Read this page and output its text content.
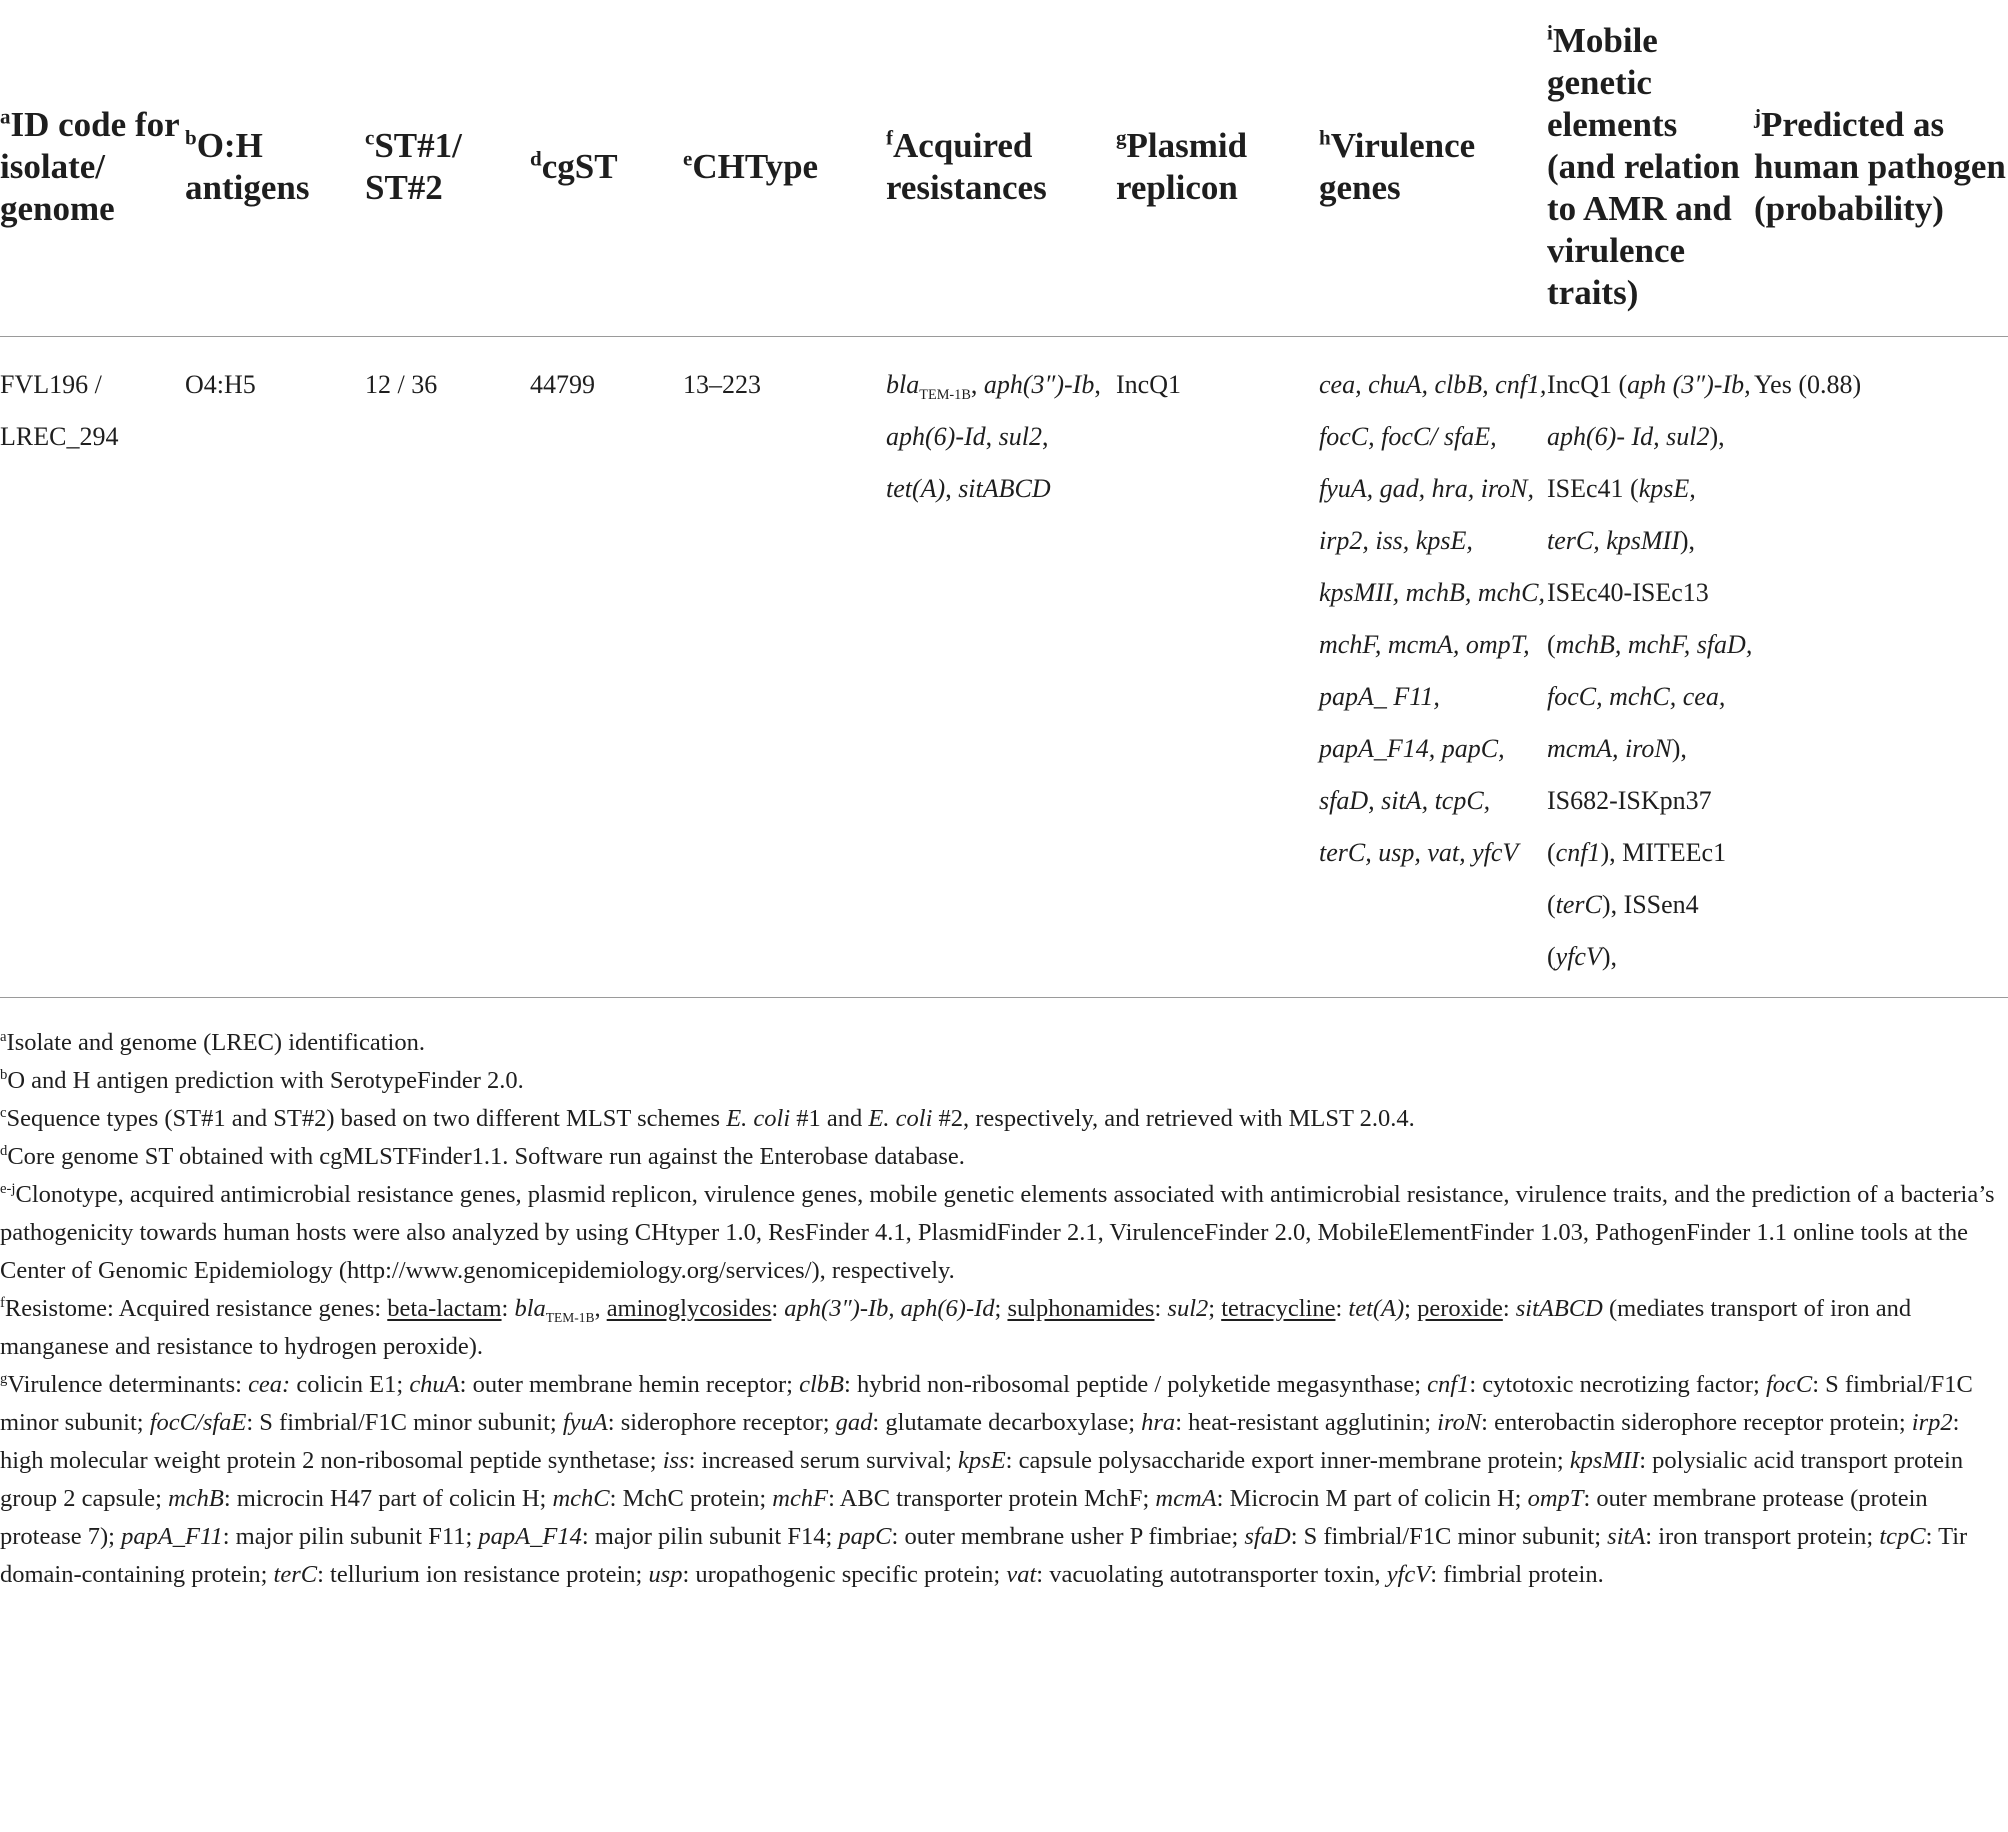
$^a$ID code for isolate/ genome	$^b$O:H antigens	$^c$ST#1/ ST#2	$^d$cgST	$^e$CHType	$^f$Acquired resistances	$^g$Plasmid replicon	$^h$Virulence genes	$^i$Mobile genetic elements (and relation to AMR and virulence traits)	$^j$Predicted as human pathogen (probability)
FVL196 / LREC_294	O4:H5	12 / 36	44799	13–223	bla$_{TEM-1B}$, aph(3″)-Ib, aph(6)-Id, sul2, tet(A), sitABCD	IncQ1	cea, chuA, clbB, cnf1, focC, focC/ sfaE, fyuA, gad, hra, iroN, irp2, iss, kpsE, kpsMII, mchB, mchC, mchF, mcmA, ompT, papA_ F11, papA_F14, papC, sfaD, sitA, tcpC, terC, usp, vat, yfcV	IncQ1 (aph (3″)-Ib, aph(6)- Id, sul2), ISEc41 (kpsE, terC, kpsMII), ISEc40-ISEc13 (mchB, mchF, sfaD, focC, mchC, cea, mcmA, iroN), IS682-ISKpn37 (cnf1), MITEEc1 (terC), ISSen4 (yfcV),	Yes (0.88)

$^a$Isolate and genome (LREC) identification.

$^b$O and H antigen prediction with SerotypeFinder 2.0.

$^c$Sequence types (ST#1 and ST#2) based on two different MLST schemes E. coli #1 and E. coli #2, respectively, and retrieved with MLST 2.0.4.

$^d$Core genome ST obtained with cgMLSTFinder1.1. Software run against the Enterobase database.

$^{e-j}$Clonotype, acquired antimicrobial resistance genes, plasmid replicon, virulence genes, mobile genetic elements associated with antimicrobial resistance, virulence traits, and the prediction of a bacteria’s pathogenicity towards human hosts were also analyzed by using CHtyper 1.0, ResFinder 4.1, PlasmidFinder 2.1, VirulenceFinder 2.0, MobileElementFinder 1.03, PathogenFinder 1.1 online tools at the Center of Genomic Epidemiology (http://www.genomicepidemiology.org/services/), respectively.

$^f$Resistome: Acquired resistance genes: beta-lactam: bla$_{TEM-1B}$, aminoglycosides: aph(3″)-Ib, aph(6)-Id; sulphonamides: sul2; tetracycline: tet(A); peroxide: sitABCD (mediates transport of iron and manganese and resistance to hydrogen peroxide).

$^g$Virulence determinants: cea: colicin E1; chuA: outer membrane hemin receptor; clbB: hybrid non-ribosomal peptide / polyketide megasynthase; cnf1: cytotoxic necrotizing factor; focC: S fimbrial/F1C minor subunit; focC/sfaE: S fimbrial/F1C minor subunit; fyuA: siderophore receptor; gad: glutamate decarboxylase; hra: heat-resistant agglutinin; iroN: enterobactin siderophore receptor protein; irp2: high molecular weight protein 2 non-ribosomal peptide synthetase; iss: increased serum survival; kpsE: capsule polysaccharide export inner-membrane protein; kpsMII: polysialic acid transport protein group 2 capsule; mchB: microcin H47 part of colicin H; mchC: MchC protein; mchF: ABC transporter protein MchF; mcmA: Microcin M part of colicin H; ompT: outer membrane protease (protein protease 7); papA_F11: major pilin subunit F11; papA_F14: major pilin subunit F14; papC: outer membrane usher P fimbriae; sfaD: S fimbrial/F1C minor subunit; sitA: iron transport protein; tcpC: Tir domain-containing protein; terC: tellurium ion resistance protein; usp: uropathogenic specific protein; vat: vacuolating autotransporter toxin, yfcV: fimbrial protein.
